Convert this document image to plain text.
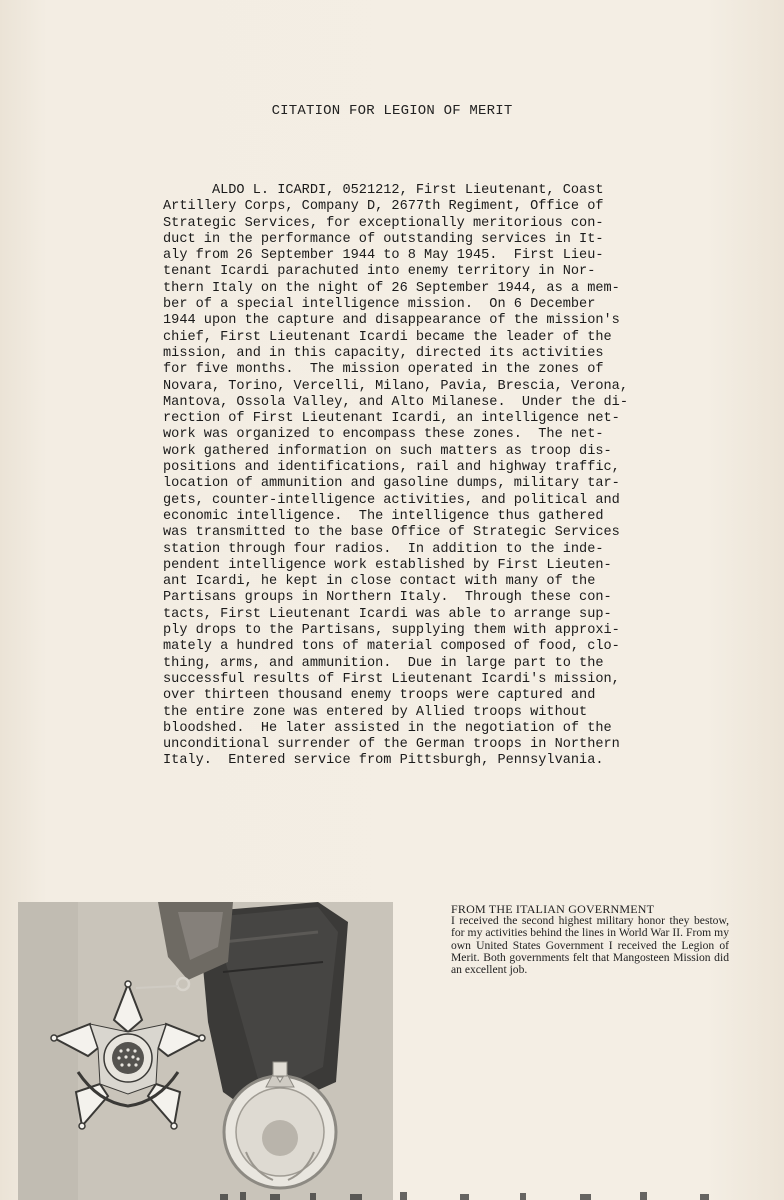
CITATION FOR LEGION OF MERIT
ALDO L. ICARDI, 0521212, First Lieutenant, Coast
Artillery Corps, Company D, 2677th Regiment, Office of
Strategic Services, for exceptionally meritorious con-
duct in the performance of outstanding services in It-
aly from 26 September 1944 to 8 May 1945.  First Lieu-
tenant Icardi parachuted into enemy territory in Nor-
thern Italy on the night of 26 September 1944, as a mem-
ber of a special intelligence mission.  On 6 December
1944 upon the capture and disappearance of the mission's
chief, First Lieutenant Icardi became the leader of the
mission, and in this capacity, directed its activities
for five months.  The mission operated in the zones of
Novara, Torino, Vercelli, Milano, Pavia, Brescia, Verona,
Mantova, Ossola Valley, and Alto Milanese.  Under the di-
rection of First Lieutenant Icardi, an intelligence net-
work was organized to encompass these zones.  The net-
work gathered information on such matters as troop dis-
positions and identifications, rail and highway traffic,
location of ammunition and gasoline dumps, military tar-
gets, counter-intelligence activities, and political and
economic intelligence.  The intelligence thus gathered
was transmitted to the base Office of Strategic Services
station through four radios.  In addition to the inde-
pendent intelligence work established by First Lieuten-
ant Icardi, he kept in close contact with many of the
Partisans groups in Northern Italy.  Through these con-
tacts, First Lieutenant Icardi was able to arrange sup-
ply drops to the Partisans, supplying them with approxi-
mately a hundred tons of material composed of food, clo-
thing, arms, and ammunition.  Due in large part to the
successful results of First Lieutenant Icardi's mission,
over thirteen thousand enemy troops were captured and
the entire zone was entered by Allied troops without
bloodshed.  He later assisted in the negotiation of the
unconditional surrender of the German troops in Northern
Italy.  Entered service from Pittsburgh, Pennsylvania.
FROM THE ITALIAN GOVERNMENT
I received the second highest military honor they bestow, for my activities behind the lines in World War II. From my own United States Government I received the Legion of Merit. Both governments felt that Mangosteen Mission did an excellent job.
